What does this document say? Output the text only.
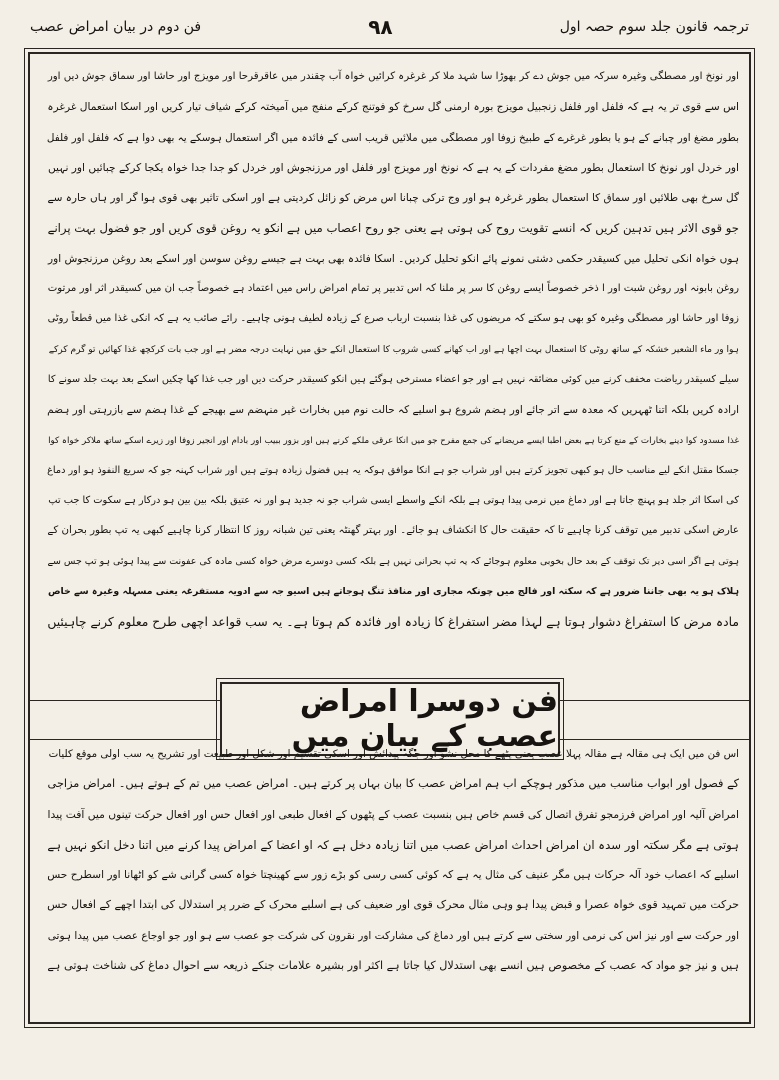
ترجمہ قانون جلد سوم حصہ اول
۹۸
فن دوم در بیان امراض عصب
اور نونخ اور مصطگی وغیرہ سرکہ میں جوش دے کر بھوڑا سا شہد ملا کر غرغرہ کرائیں خواہ آب چقندر میں عاقرقرحا اور مویزج اور حاشا اور سماق جوش دیں اور
اس سے قوی تر یہ ہے کہ فلفل اور فلفل زنجبیل مویزج بورہ ارمنی گل سرخ کو فوتنج کرکے منفج میں آمیختہ کرکے شیاف تیار کریں اور اسکا استعمال غرغرہ
بطور مضغ اور چبانے کے ہو یا بطور غرغرے کے طبیخ زوفا اور مصطگی میں ملائیں قریب اسی کے فائدہ میں اگر استعمال ہوسکے یہ بھی دوا ہے کہ فلفل اور فلفل
اور خردل اور نونخ کا استعمال بطور مضغ مفردات کے یہ ہے کہ نونخ اور مویزج اور فلفل اور مرزنجوش اور خردل کو جدا جدا خواہ یکجا کرکے چبائیں اور نہیں
گل سرخ بھی طلائیں اور سماق کا استعمال بطور غرغرہ ہو اور وج ترکی چبانا اس مرض کو زائل کردیتی ہے اور اسکی تاثیر بھی قوی ہوا گر اور ہاں حارہ سے
جو قوی الاثر ہیں تدہین کریں کہ انسے تقویت روح کی ہوتی ہے یعنی جو روح اعصاب میں ہے انکو یہ روغن قوی کریں اور جو فضول بہت پرانے
ہوں خواہ انکی تحلیل میں کسیقدر حکمی دشتی نمونے پائے انکو تحلیل کردیں۔ اسکا فائدہ بھی بہت ہے جیسے روغن سوسن اور اسکے بعد روغن مرزنجوش اور
روغن بابونہ اور روغن شبت اور ا ذخر خصوصاً ایسے روغن کا سر پر ملنا کہ اس تدبیر پر تمام امراض راس میں اعتماد ہے خصوصاً جب ان میں کسیقدر اثر اور مرتوت
زوفا اور حاشا اور مصطگی وغیرہ کو بھی ہو سکتے کہ مریضوں کی غذا بنسبت ارباب صرع کے زیادہ لطیف ہونی چاہیے۔ رائے صائب یہ ہے کہ انکی غذا میں قطعاً روٹی
ہوا ور ماء الشعیر خشکہ کے ساتھ روٹی کا استعمال بہت اچھا ہے اور اب کھانے کسی شروب کا استعمال انکے حق میں نہایت درجہ مضر ہے اور جب بات کرکچھ غذا کھائیں تو گرم کرکے
سیلے کسیقدر ریاضت مخفف کرنے میں کوئی مضائقہ نہیں ہے اور جو اعضاء مسترخی ہوگئے ہیں انکو کسیقدر حرکت دیں اور جب غذا کھا چکیں اسکے بعد بہت جلد سونے کا
ارادہ کریں بلکہ اتنا ٹھہریں کہ معدہ سے اتر جائے اور ہضم شروع ہو اسلیے کہ حالت نوم میں بخارات غیر منہضم سے بھیجے کے غذا ہضم سے بازرہتی اور ہضم
غذا مسدود کوا دینے بخارات کے منع کرتا ہے بعض اطبا ایسے مریضانے کی جمع مفرح جو میں انکا عرقی ملکے کرنے ہیں اور بزور ببیب اور بادام اور انجیر زوفا اور زیرے اسکے ساتھ ملاکر خواہ کوا
جسکا مقتل انکے لیے مناسب حال ہو کبھی تجویز کرتے ہیں اور شراب جو ہے انکا موافق ہوکہ یہ ہیں فضول زیادہ ہوتے ہیں اور شراب کہنہ جو کہ سریع النفوذ ہو اور دماغ
کی اسکا اثر جلد ہو پہنچ جاتا ہے اور دماغ میں نرمی پیدا ہوتی ہے بلکہ انکے واسطے ایسی شراب جو نہ جدید ہو اور نہ عتیق بلکہ بین بین ہو درکار ہے سکوت کا جب تپ
عارض اسکی تدبیر میں توقف کرنا چاہیے تا کہ حقیقت حال کا انکشاف ہو جائے۔ اور بہتر گھنٹہ یعنی تین شبانہ روز کا انتظار کرنا چاہیے کبھی یہ تپ بطور بحران کے
ہوتی ہے اگر اسی دیر تک توقف کے بعد حال بخوبی معلوم ہوجائے کہ یہ تپ بحرانی نہیں ہے بلکہ کسی دوسرے مرض خواہ کسی مادہ کی عفونت سے پیدا ہوئی ہو تپ جس سے
ہلاک ہو یہ بھی جاننا ضرور ہے کہ سکتہ اور فالج میں چونکہ مجاری اور منافذ تنگ ہوجاتے ہیں اسیو جہ سے ادویہ مستفرغہ یعنی مسہلہ وغیرہ سے خاص
مادہ مرض کا استفراغ دشوار ہوتا ہے لہذا مضر استفراغ کا زیادہ اور فائدہ کم ہوتا ہے۔ یہ سب قواعد اچھی طرح معلوم کرنے چاہیئیں
فن دوسرا امراض عصب کے بیان میں
اس فن میں ایک ہی مقالہ ہے مقالہ پہلا عصب یعنی پٹھے کا محل نشو اور جگہ پیدائش اور اسکی تقسیم اور شکل اور طبیعت اور تشریح یہ سب اولی موقع کلیات
کے فصول اور ابواب مناسب میں مذکور ہوچکے اب ہم امراض عصب کا بیان بہاں پر کرتے ہیں۔ امراض عصب میں تم کے ہوتے ہیں۔ امراض مزاجی
امراض آلیہ اور امراض فرزمجو تفرق اتصال کی قسم خاص ہیں بنسبت عصب کے پٹھوں کے افعال طبعی اور افعال حس اور افعال حرکت تینوں میں آفت پیدا
ہوتی ہے مگر سکتہ اور سدہ ان امراض احداث امراض عصب میں اتنا زیادہ دخل ہے کہ او اعضا کے امراض پیدا کرنے میں اتنا دخل انکو نہیں ہے
اسلیے کہ اعصاب خود آلہ حرکات ہیں مگر عنیف کی مثال یہ ہے کہ کوئی کسی رسی کو بڑے زور سے کھینچتا خواہ کسی گرانی شے کو اٹھانا اور اسطرح حس
حرکت میں تمہید قوی خواہ عصرا و قبض پیدا ہو وہی مثال محرک قوی اور ضعیف کی ہے اسلیے محرک کے ضرر پر استدلال کی ابتدا اچھے کے افعال حس
اور حرکت سے اور نیز اس کی نرمی اور سختی سے کرتے ہیں اور دماغ کی مشارکت اور نقرون کی شرکت جو عصب سے ہو اور جو اوجاع عصب میں پیدا ہوتی
ہیں و نیز جو مواد کہ عصب کے مخصوص ہیں انسے بھی استدلال کیا جاتا ہے اکثر اور بشیرہ علامات جنکے ذریعہ سے احوال دماغ کی شناخت ہوتی ہے
